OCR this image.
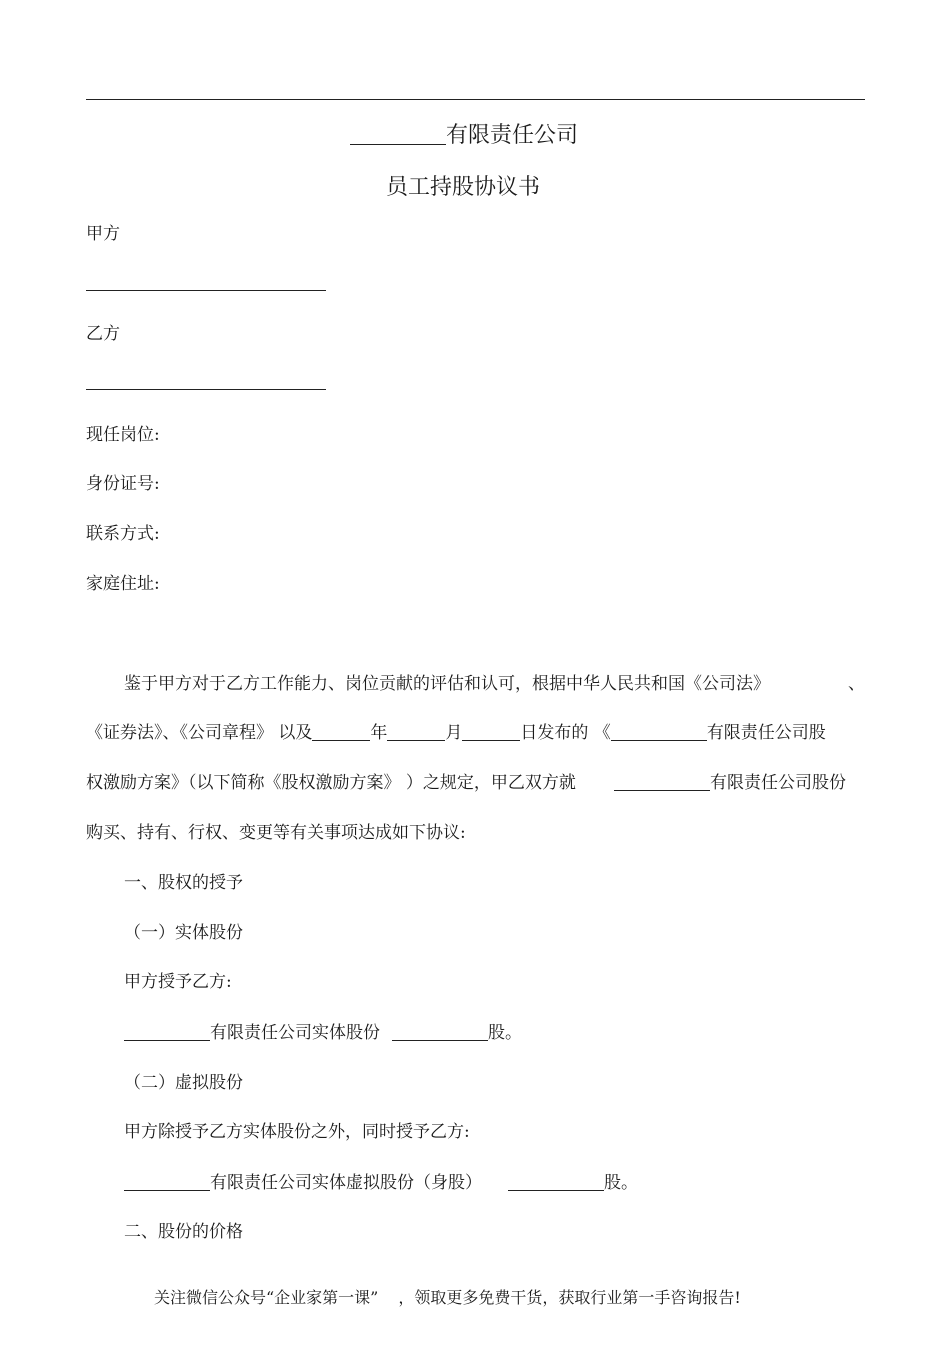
有限责任公司
员工持股协议书
甲方
乙方
现任岗位:
身份证号:
联系方式:
家庭住址:
鉴于甲方对于乙方工作能力、岗位贡献的评估和认可，根据中华人民共和国《公司法》	、
《证券法》、《公司章程》 以及	年	月	日发布的 《	有限责任公司股
权激励方案》（以下简称《股权激励方案》 ）之规定，甲乙双方就	有限责任公司股份
购买、持有、行权、变更等有关事项达成如下协议:
一、股权的授予
（一）实体股份
甲方授予乙方:
有限责任公司实体股份	股。
（二）虚拟股份
甲方除授予乙方实体股份之外，同时授予乙方:
有限责任公司实体虚拟股份（身股）	股。
二、股份的价格
关注微信公众号“企业家第一课” ，领取更多免费干货，获取行业第一手咨询报告!
